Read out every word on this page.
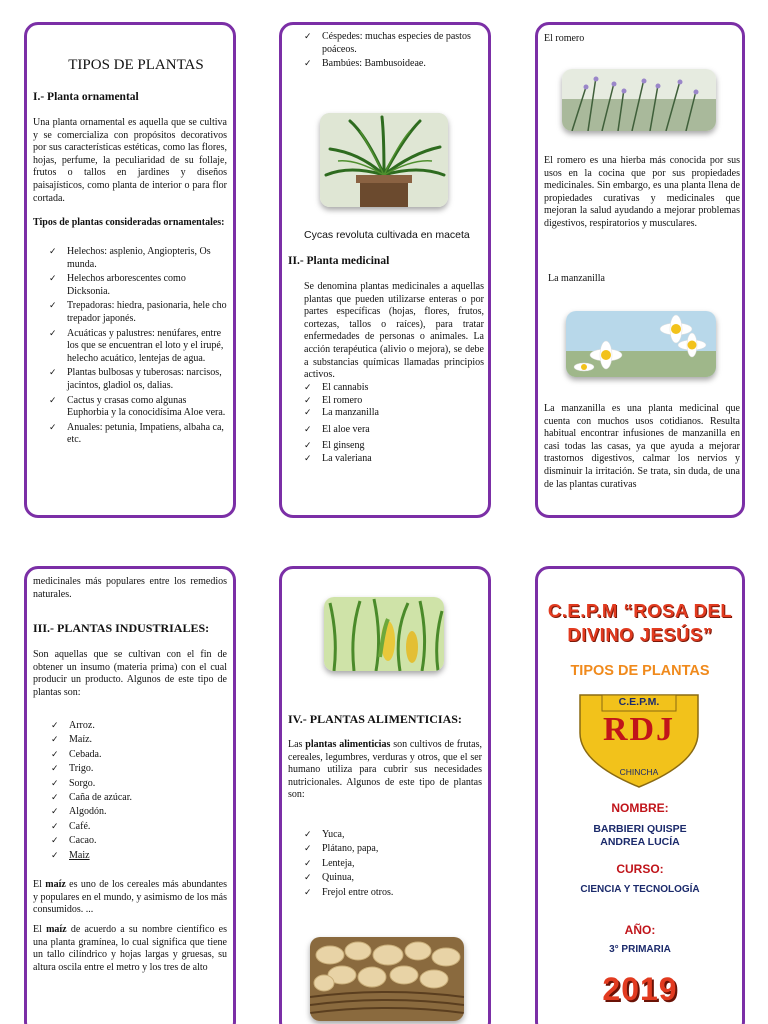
TIPOS DE PLANTAS
I.- Planta ornamental
Una planta ornamental es aquella que se cultiva y se comercializa con propósitos decorativos por sus características estéticas, como las flores, hojas, perfume, la peculiaridad de su follaje, frutos o tallos en jardines y diseños paisajísticos, como planta de interior o para flor cortada.
Tipos de plantas consideradas ornamentales:
✓ Helechos: asplenio, Angiopteris, Os munda.
✓ Helechos arborescentes como Dicksonia.
✓ Trepadoras: hiedra, pasionaria, hele cho trepador japonés.
✓ Acuáticas y palustres: nenúfares, entre los que se encuentran el loto y el irupé, helecho acuático, lentejas de agua.
✓ Plantas bulbosas y tuberosas: narcisos, jacintos, gladiol os, dalias.
✓ Cactus y crasas como algunas Euphorbia y la conocidísima Aloe vera.
✓ Anuales: petunia, Impatiens, albaha ca, etc.
✓ Céspedes: muchas especies de pastos poáceos.
✓ Bambúes: Bambusoideae.
Cycas revoluta cultivada en maceta
II.- Planta medicinal
Se denomina plantas medicinales a aquellas plantas que pueden utilizarse enteras o por partes específicas (hojas, flores, frutos, cortezas, tallos o raíces), para tratar enfermedades de personas o animales. La acción terapéutica (alivio o mejora), se debe a substancias químicas llamadas principios activos.
✓ El cannabis
✓ El romero
✓ La manzanilla
✓ El aloe vera
✓ El ginseng
✓ La valeriana
El romero
El romero es una hierba más conocida por sus usos en la cocina que por sus propiedades medicinales. Sin embargo, es una planta llena de propiedades curativas y medicinales que mejoran la salud ayudando a mejorar problemas digestivos, respiratorios y musculares.
La manzanilla
La manzanilla es una planta medicinal que cuenta con muchos usos cotidianos. Resulta habitual encontrar infusiones de manzanilla en casi todas las casas, ya que ayuda a mejorar trastornos digestivos, calmar los nervios y disminuir la irritación. Se trata, sin duda, de una de las plantas curativas
medicinales más populares entre los remedios naturales.
III.- PLANTAS INDUSTRIALES:
Son aquellas que se cultivan con el fin de obtener un insumo (materia prima) con el cual producir un producto. Algunos de este tipo de plantas son:
✓ Arroz.
✓ Maíz.
✓ Cebada.
✓ Trigo.
✓ Sorgo.
✓ Caña de azúcar.
✓ Algodón.
✓ Café.
✓ Cacao.
✓ Maiz
El maíz es uno de los cereales más abundantes y populares en el mundo, y asimismo de los más consumidos. ...
El maíz de acuerdo a su nombre científico es una planta gramínea, lo cual significa que tiene un tallo cilíndrico y hojas largas y gruesas, su altura oscila entre el metro y los tres de alto
IV.- PLANTAS ALIMENTICIAS:
Las plantas alimenticias son cultivos de frutas, cereales, legumbres, verduras y otros, que el ser humano utiliza para cubrir sus necesidades nutricionales. Algunos de este tipo de plantas son:
✓ Yuca,
✓ Plátano, papa,
✓ Lenteja,
✓ Quinua,
✓ Frejol entre otros.
C.E.P.M “ROSA DEL DIVINO JESÚS”
TIPOS DE PLANTAS
C.E.P.M.
RDJ
CHINCHA
NOMBRE:
BARBIERI QUISPE
ANDREA LUCÍA
CURSO:
CIENCIA Y TECNOLOGÍA
AÑO:
3° PRIMARIA
2019
